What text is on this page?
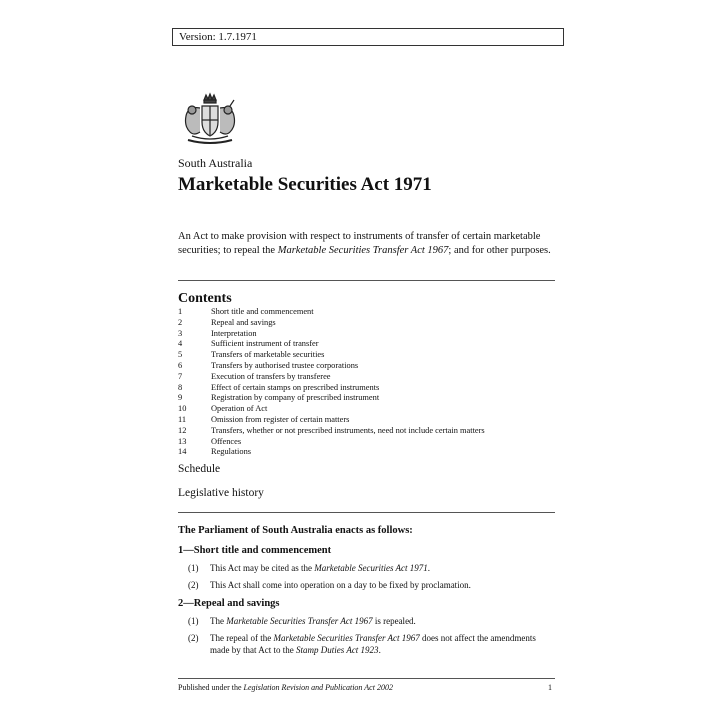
Version: 1.7.1971
South Australia
Marketable Securities Act 1971
An Act to make provision with respect to instruments of transfer of certain marketable securities; to repeal the Marketable Securities Transfer Act 1967; and for other purposes.
Contents
1	Short title and commencement
2	Repeal and savings
3	Interpretation
4	Sufficient instrument of transfer
5	Transfers of marketable securities
6	Transfers by authorised trustee corporations
7	Execution of transfers by transferee
8	Effect of certain stamps on prescribed instruments
9	Registration by company of prescribed instrument
10	Operation of Act
11	Omission from register of certain matters
12	Transfers, whether or not prescribed instruments, need not include certain matters
13	Offences
14	Regulations
Schedule
Legislative history
The Parliament of South Australia enacts as follows:
1—Short title and commencement
(1) This Act may be cited as the Marketable Securities Act 1971.
(2) This Act shall come into operation on a day to be fixed by proclamation.
2—Repeal and savings
(1) The Marketable Securities Transfer Act 1967 is repealed.
(2) The repeal of the Marketable Securities Transfer Act 1967 does not affect the amendments made by that Act to the Stamp Duties Act 1923.
Published under the Legislation Revision and Publication Act 2002	1
